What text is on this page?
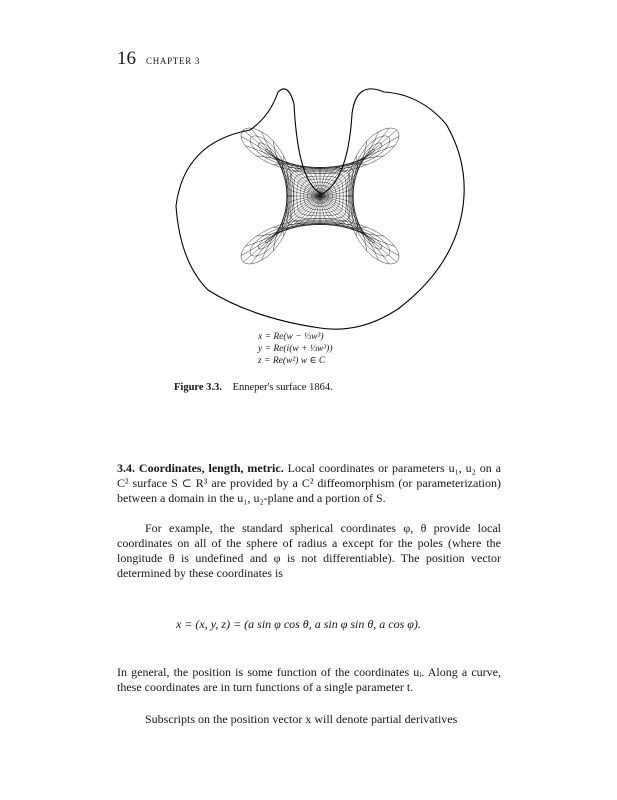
16 CHAPTER 3
x = Re(w − ⅓w³)
y = Re(i(w + ⅓w³))
z = Re(w²) w ∈ C
Figure 3.3. Enneper's surface 1864.

3.4. Coordinates, length, metric. Local coordinates or parameters u₁, u₂ on a C² surface S ⊂ R³ are provided by a C² diffeomorphism (or parameterization) between a domain in the u₁, u₂-plane and a portion of S.

For example, the standard spherical coordinates φ, θ provide local coordinates on all of the sphere of radius a except for the poles (where the longitude θ is undefined and φ is not differentiable). The position vector determined by these coordinates is

x = (x, y, z) = (a sin φ cos θ, a sin φ sin θ, a cos φ).

In general, the position is some function of the coordinates uᵢ. Along a curve, these coordinates are in turn functions of a single parameter t.

Subscripts on the position vector x will denote partial derivatives
